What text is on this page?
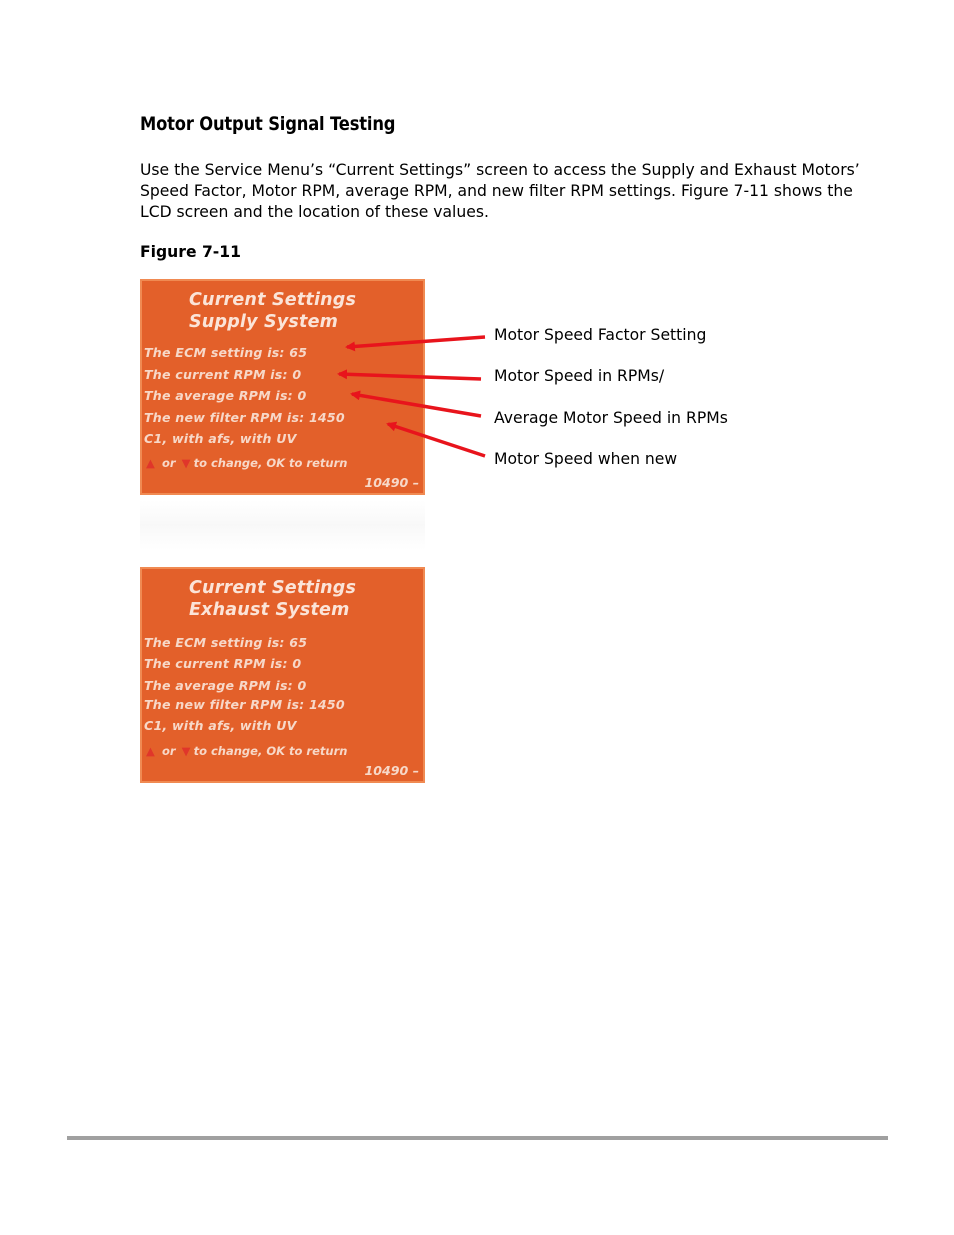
Motor Output Signal Testing
Use the Service Menu’s “Current Settings” screen to access the Supply and Exhaust Motors’
Speed Factor, Motor RPM, average RPM, and new filter RPM settings. Figure 7-11 shows the
LCD screen and the location of these values.
Figure 7-11
Current Settings
Supply System
The ECM setting is: 65
The current RPM is: 0
The average RPM is: 0
The new filter RPM is: 1450
C1, with afs, with UV
▲ or ▼ to change, OK to return
10490 –
Current Settings
Exhaust System
The ECM setting is: 65
The current RPM is: 0
The average RPM is: 0
The new filter RPM is: 1450
C1, with afs, with UV
▲ or ▼ to change, OK to return
10490 –
Motor Speed Factor Setting
Motor Speed in RPMs/
Average Motor Speed in RPMs
Motor Speed when new
